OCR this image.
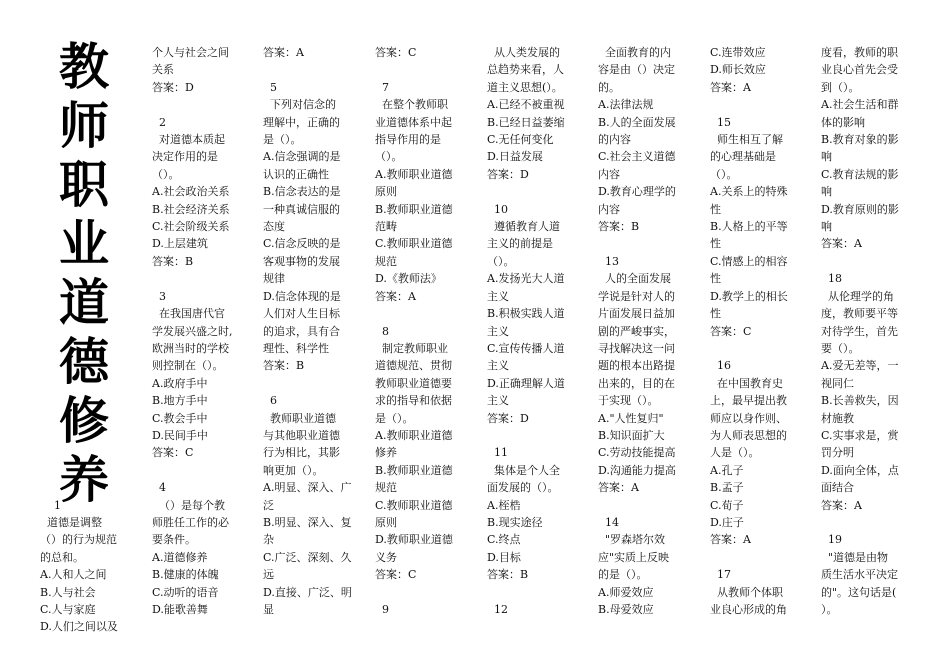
教
师
职
业
道
德
修
养

1
道德是调整
（）的行为规范
的总和。
A.人和人之间
B.人与社会
C.人与家庭
D.人们之间以及
个人与社会之间
关系
答案：D

2
对道德本质起
决定作用的是
（）。
A.社会政治关系
B.社会经济关系
C.社会阶级关系
D.上层建筑
答案：B

3
在我国唐代官
学发展兴盛之时,
欧洲当时的学校
则控制在（）。
A.政府手中
B.地方手中
C.教会手中
D.民间手中
答案：C

4
（）是每个教
师胜任工作的必
要条件。
A.道德修养
B.健康的体魄
C.动听的语音
D.能歌善舞
答案：A

5
下列对信念的
理解中，正确的
是（）。
A.信念强调的是
认识的正确性
B.信念表达的是
一种真诚信服的
态度
C.信念反映的是
客观事物的发展
规律
D.信念体现的是
人们对人生目标
的追求，具有合
理性、科学性
答案：B

6
教师职业道德
与其他职业道德
行为相比，其影
响更加（）。
A.明显、深入、广
泛
B.明显、深入、复
杂
C.广泛、深刻、久
远
D.直接、广泛、明
显
答案：C

7
在整个教师职
业道德体系中起
指导作用的是
（）。
A.教师职业道德
原则
B.教师职业道德
范畴
C.教师职业道德
规范
D.《教师法》
答案：A

8
制定教师职业
道德规范、贯彻
教师职业道德要
求的指导和依据
是（）。
A.教师职业道德
修养
B.教师职业道德
规范
C.教师职业道德
原则
D.教师职业道德
义务
答案：C

9
从人类发展的
总趋势来看，人
道主义思想(）。
A.已经不被重视
B.已经日益萎缩
C.无任何变化
D.日益发展
答案：D

10
遵循教育人道
主义的前提是
（）。
A.发扬光大人道
主义
B.积极实践人道
主义
C.宣传传播人道
主义
D.正确理解人道
主义
答案：D

11
集体是个人全
面发展的（）。
A.桎梏
B.现实途径
C.终点
D.目标
答案：B

12
全面教育的内
容是由（）决定
的。
A.法律法规
B.人的全面发展
的内容
C.社会主义道德
内容
D.教育心理学的
内容
答案：B

13
人的全面发展
学说是针对人的
片面发展日益加
剧的严峻事实，
寻找解决这一问
题的根本出路提
出来的，目的在
于实现（）。
A."人性复归"
B.知识面扩大
C.劳动技能提高
D.沟通能力提高
答案：A

14
"罗森塔尔效
应"实质上反映
的是（）。
A.师爱效应
B.母爱效应
C.连带效应
D.师长效应
答案：A

15
师生相互了解
的心理基础是
（）。
A.关系上的特殊
性
B.人格上的平等
性
C.情感上的相容
性
D.教学上的相长
性
答案：C

16
在中国教育史
上，最早提出教
师应以身作则、
为人师表思想的
人是（）。
A.孔子
B.孟子
C.荀子
D.庄子
答案：A

17
从教师个体职
业良心形成的角
度看，教师的职
业良心首先会受
到（）。
A.社会生活和群
体的影响
B.教育对象的影
响
C.教育法规的影
响
D.教育原则的影
响
答案：A

18
从伦理学的角
度，教师要平等
对待学生，首先
要（）。
A.爱无差等，一
视同仁
B.长善救失，因
材施教
C.实事求是，赏
罚分明
D.面向全体，点
面结合
答案：A

19
"道德是由物
质生活水平决定
的"。这句话是(
）。
